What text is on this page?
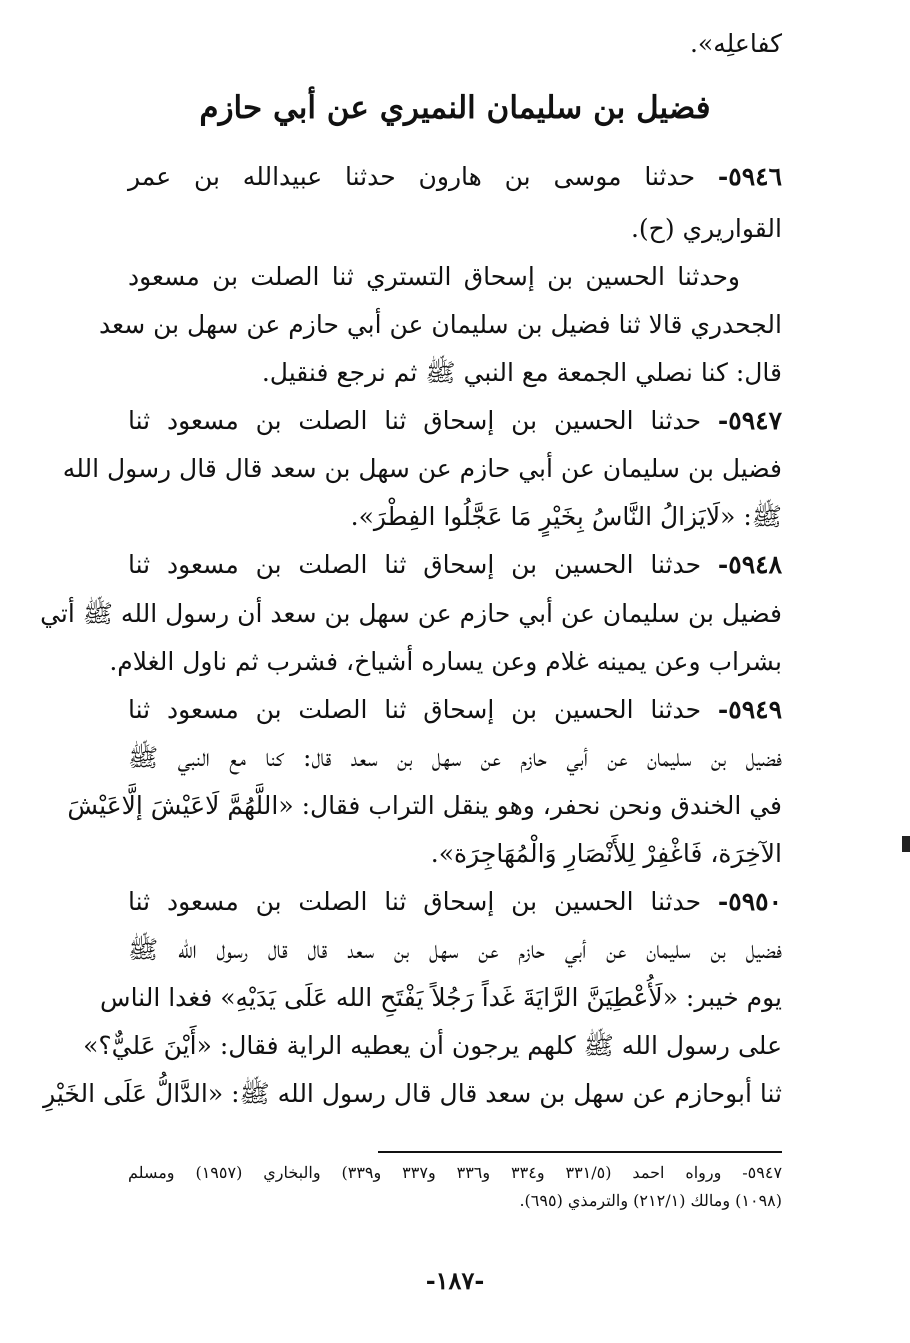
كفاعلِه».
فضيل بن سليمان النميري عن أبي حازم
٥٩٤٦- حدثنا موسى بن هارون حدثنا عبيدالله بن عمر
القواريري (ح).
وحدثنا الحسين بن إسحاق التستري ثنا الصلت بن مسعود
الجحدري قالا ثنا فضيل بن سليمان عن أبي حازم عن سهل بن سعد
قال: كنا نصلي الجمعة مع النبي ﷺ ثم نرجع فنقيل.
٥٩٤٧- حدثنا الحسين بن إسحاق ثنا الصلت بن مسعود ثنا
فضيل بن سليمان عن أبي حازم عن سهل بن سعد قال قال رسول الله
ﷺ: «لَايَزالُ النَّاسُ بِخَيْرٍ مَا عَجَّلُوا الفِطْرَ».
٥٩٤٨- حدثنا الحسين بن إسحاق ثنا الصلت بن مسعود ثنا
فضيل بن سليمان عن أبي حازم عن سهل بن سعد أن رسول الله ﷺ أتي
بشراب وعن يمينه غلام وعن يساره أشياخ، فشرب ثم ناول الغلام.
٥٩٤٩- حدثنا الحسين بن إسحاق ثنا الصلت بن مسعود ثنا
فضيل بن سليمان عن أبي حازم عن سهل بن سعد قال: كنا مع النبي ﷺ
في الخندق ونحن نحفر، وهو ينقل التراب فقال: «اللَّهُمَّ لَاعَيْشَ إلَّاعَيْشَ
الآخِرَة، فَاغْفِرْ لِلأَنْصَارِ وَالْمُهَاجِرَة».
٥٩٥٠- حدثنا الحسين بن إسحاق ثنا الصلت بن مسعود ثنا
فضيل بن سليمان عن أبي حازم عن سهل بن سعد قال قال رسول الله ﷺ
يوم خيبر: «لَأُعْطِيَنَّ الرَّايَةَ غَداً رَجُلاً يَفْتَحِ الله عَلَى يَدَيْهِ» فغدا الناس
على رسول الله ﷺ كلهم يرجون أن يعطيه الراية فقال: «أَيْنَ عَليٌّ؟»
ثنا أبوحازم عن سهل بن سعد قال قال رسول الله ﷺ: «الدَّالُّ عَلَى الخَيْرِ
٥٩٤٧- ورواه احمد (٣٣١/٥ و٣٣٤ و٣٣٦ و٣٣٧ و٣٣٩) والبخاري (١٩٥٧) ومسلم
(١٠٩٨) ومالك (٢١٢/١) والترمذي (٦٩٥).
-١٨٧-
